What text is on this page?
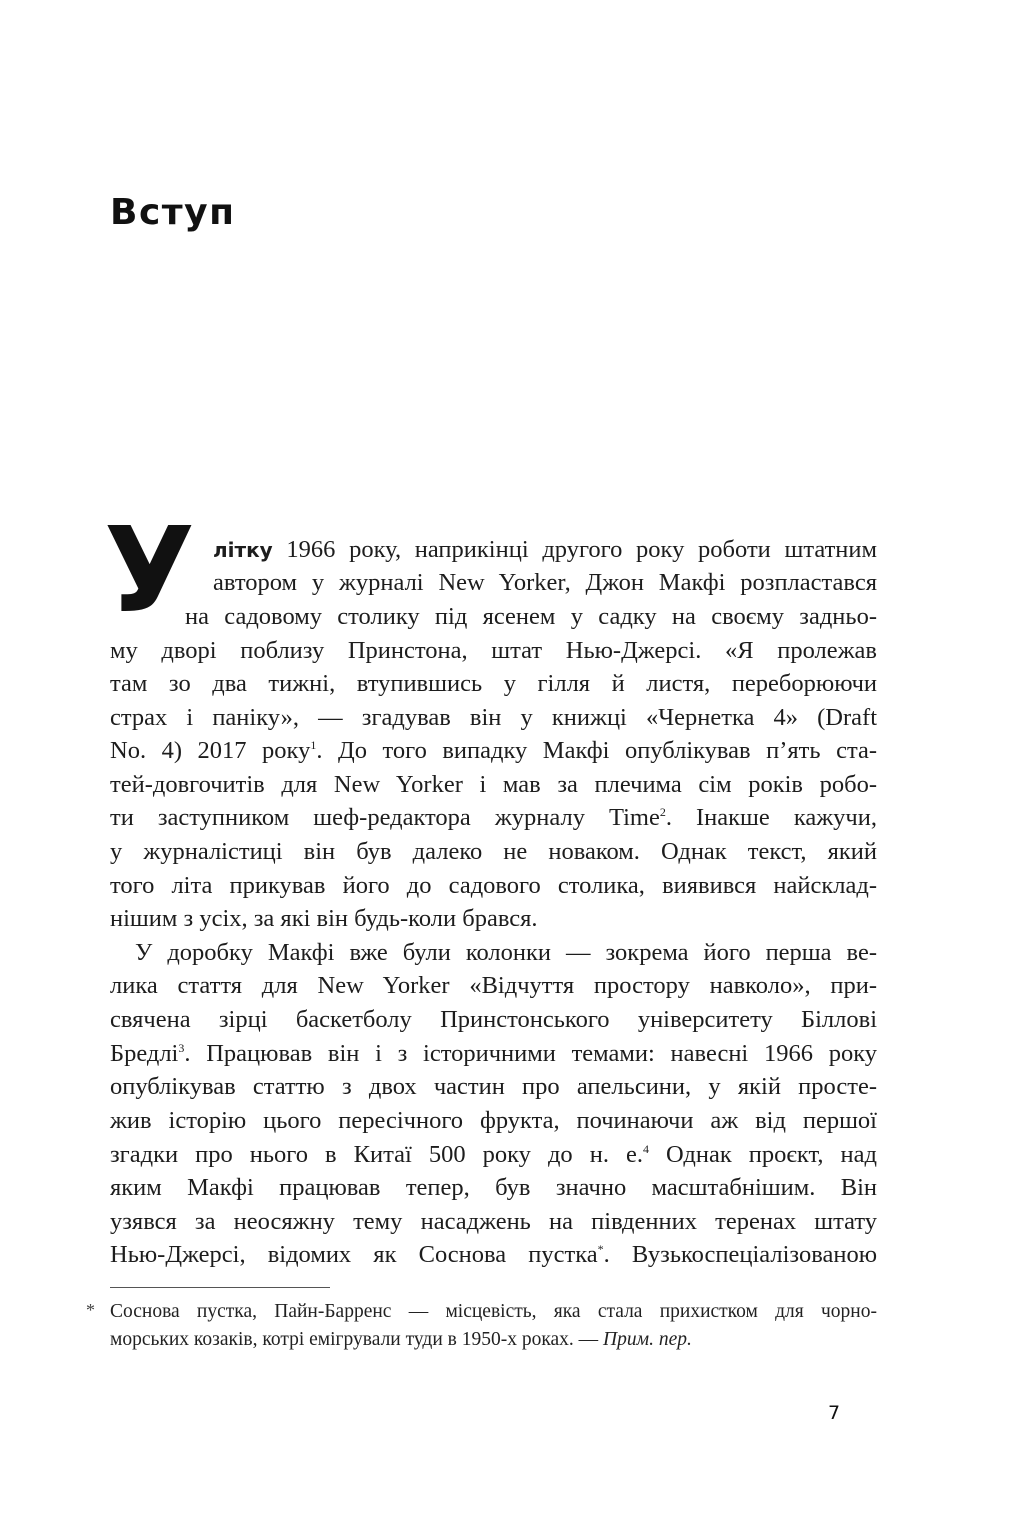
Вступ
У літку 1966 року, наприкінці другого року роботи штатним
автором у журналі New Yorker, Джон Макфі розпластався
на садовому столику під ясенем у садку на своєму задньо-
му дворі поблизу Принстона, штат Нью-Джерсі. «Я пролежав
там зо два тижні, втупившись у гілля й листя, переборюючи
страх і паніку», — згадував він у книжці «Чернетка 4» (Draft
No. 4) 2017 року$^1$. До того випадку Макфі опублікував п’ять ста-
тей-довгочитів для New Yorker і мав за плечима сім років робо-
ти заступником шеф-редактора журналу Time$^2$. Інакше кажучи,
у журналістиці він був далеко не новаком. Однак текст, який
того літа прикував його до садового столика, виявився найсклад-
нішим з усіх, за які він будь-коли брався.
У доробку Макфі вже були колонки — зокрема його перша ве-
лика стаття для New Yorker «Відчуття простору навколо», при-
свячена зірці баскетболу Принстонського університету Біллові
Бредлі$^3$. Працював він і з історичними темами: навесні 1966 року
опублікував статтю з двох частин про апельсини, у якій просте-
жив історію цього пересічного фрукта, починаючи аж від першої
згадки про нього в Китаї 500 року до н. е.$^4$ Однак проєкт, над
яким Макфі працював тепер, був значно масштабнішим. Він
узявся за неосяжну тему насаджень на південних теренах штату
Нью-Джерсі, відомих як Соснова пустка*. Вузькоспеціалізованою
* Соснова пустка, Пайн-Барренс — місцевість, яка стала прихистком для чорно-
морських козаків, котрі емігрували туди в 1950-х роках. — Прим. пер.
7
